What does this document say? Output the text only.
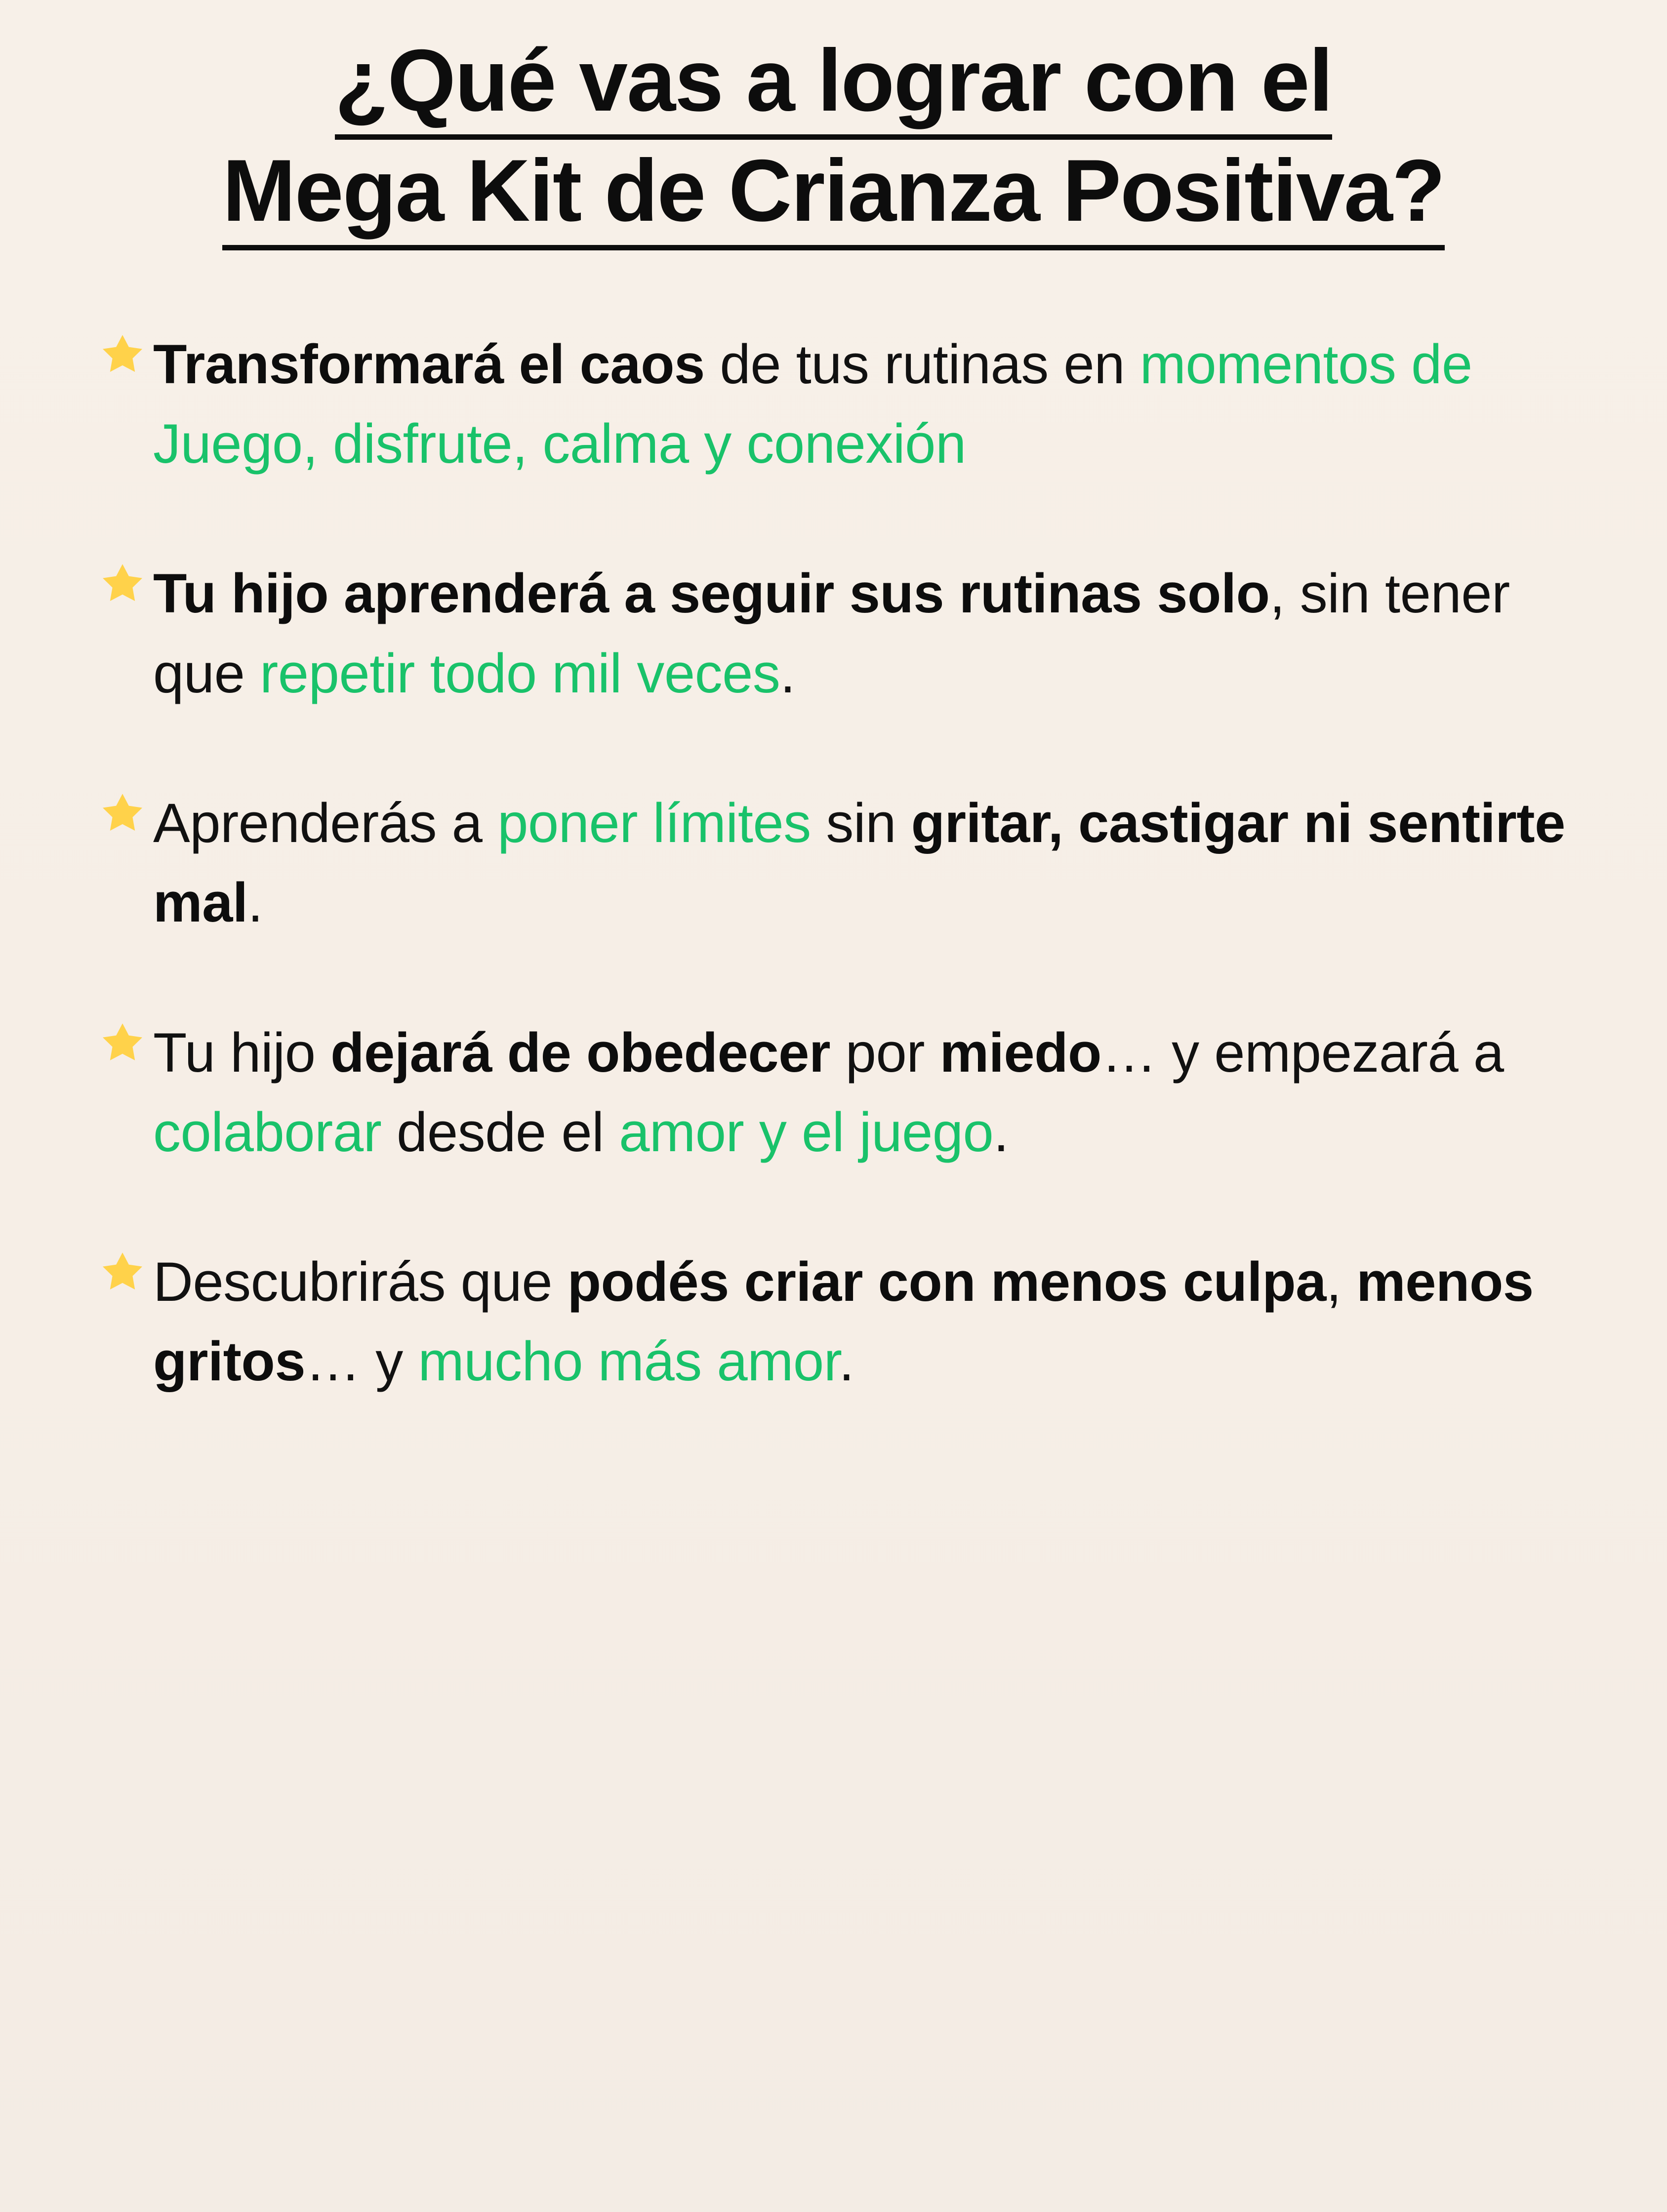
¿Qué vas a lograr con el
Mega Kit de Crianza Positiva?
Transformará el caos de tus rutinas en momentos de Juego, disfrute, calma y conexión
Tu hijo aprenderá a seguir sus rutinas solo, sin tener que repetir todo mil veces.
Aprenderás a poner límites sin gritar, castigar ni sentirte mal.
Tu hijo dejará de obedecer por miedo… y empezará a colaborar desde el amor y el juego.
Descubrirás que podés criar con menos culpa, menos gritos… y mucho más amor.
